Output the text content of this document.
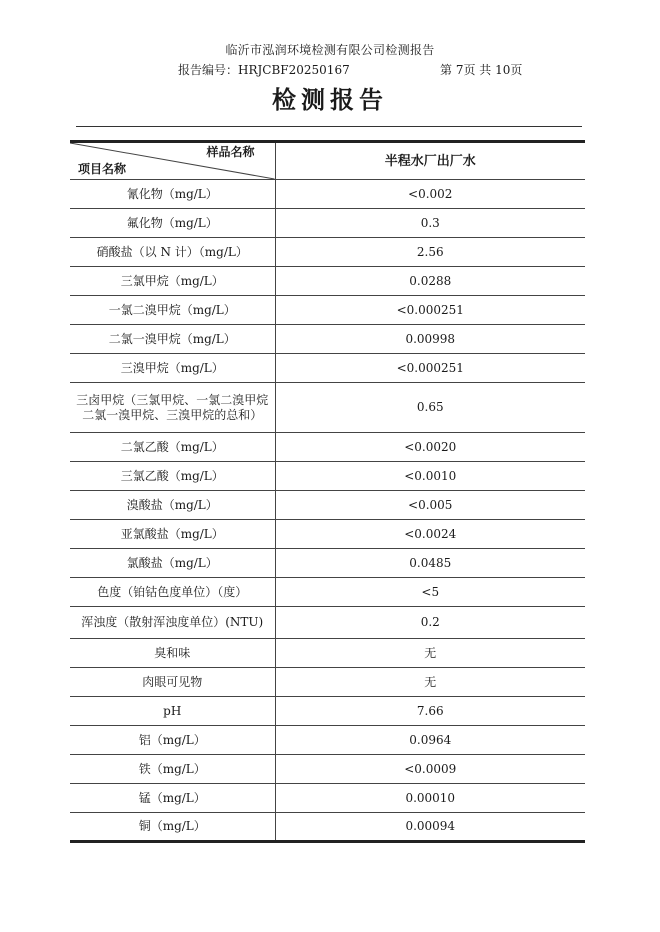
临沂市泓润环境检测有限公司检测报告
报告编号：HRJCBF20250167	第 7页 共 10页
检测报告
样品名称
项目名称	半程水厂出厂水
氰化物（mg/L）	<0.002
氟化物（mg/L）	0.3
硝酸盐（以 N 计）（mg/L）	2.56
三氯甲烷（mg/L）	0.0288
一氯二溴甲烷（mg/L）	<0.000251
二氯一溴甲烷（mg/L）	0.00998
三溴甲烷（mg/L）	<0.000251
三卤甲烷（三氯甲烷、一氯二溴甲烷二氯一溴甲烷、三溴甲烷的总和）	0.65
二氯乙酸（mg/L）	<0.0020
三氯乙酸（mg/L）	<0.0010
溴酸盐（mg/L）	<0.005
亚氯酸盐（mg/L）	<0.0024
氯酸盐（mg/L）	0.0485
色度（铂钴色度单位）（度）	<5
浑浊度（散射浑浊度单位）(NTU)	0.2
臭和味	无
肉眼可见物	无
pH	7.66
铝（mg/L）	0.0964
铁（mg/L）	<0.0009
锰（mg/L）	0.00010
铜（mg/L）	0.00094
